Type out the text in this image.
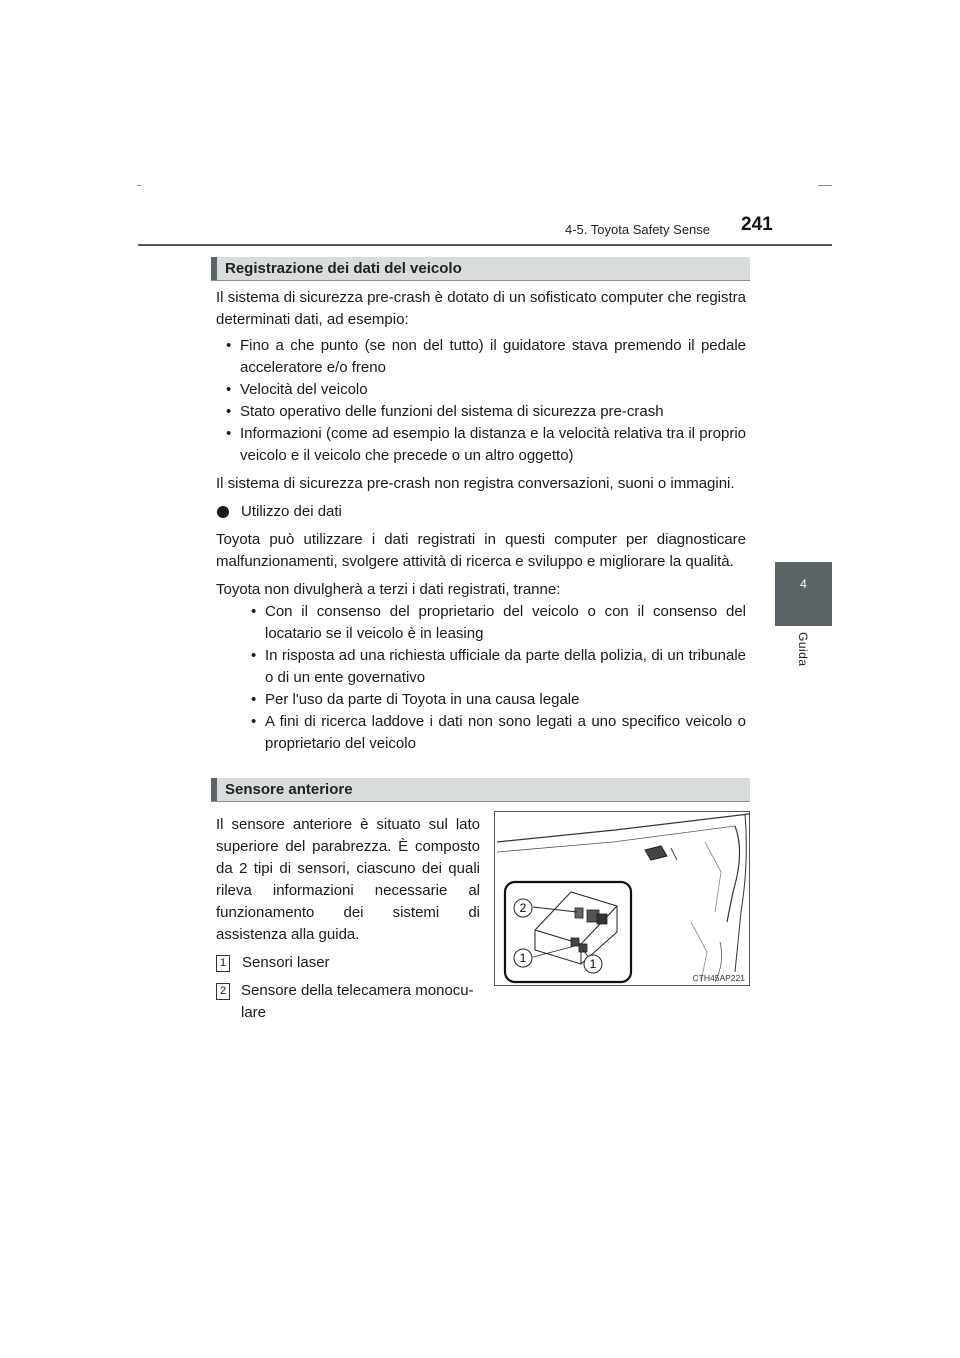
4-5. Toyota Safety Sense 241
4
Guida
Registrazione dei dati del veicolo

Il sistema di sicurezza pre-crash è dotato di un sofisticato computer che registra determinati dati, ad esempio:

• Fino a che punto (se non del tutto) il guidatore stava premendo il pedale acceleratore e/o freno
• Velocità del veicolo
• Stato operativo delle funzioni del sistema di sicurezza pre-crash
• Informazioni (come ad esempio la distanza e la velocità relativa tra il proprio veicolo e il veicolo che precede o un altro oggetto)

Il sistema di sicurezza pre-crash non registra conversazioni, suoni o immagini.

Utilizzo dei dati

Toyota può utilizzare i dati registrati in questi computer per diagnosticare malfunzionamenti, svolgere attività di ricerca e sviluppo e migliorare la qualità.

Toyota non divulgherà a terzi i dati registrati, tranne:

• Con il consenso del proprietario del veicolo o con il consenso del locatario se il veicolo è in leasing
• In risposta ad una richiesta ufficiale da parte della polizia, di un tribunale o di un ente governativo
• Per l'uso da parte di Toyota in una causa legale
• A fini di ricerca laddove i dati non sono legati a uno specifico veicolo o proprietario del veicolo
Sensore anteriore

Il sensore anteriore è situato sul lato superiore del parabrezza. È composto da 2 tipi di sensori, ciascuno dei quali rileva informazioni necessarie al funzionamento dei sistemi di assistenza alla guida.

1 Sensori laser
2 Sensore della telecamera monocu-lare
2
1	1
CTH45AP221
